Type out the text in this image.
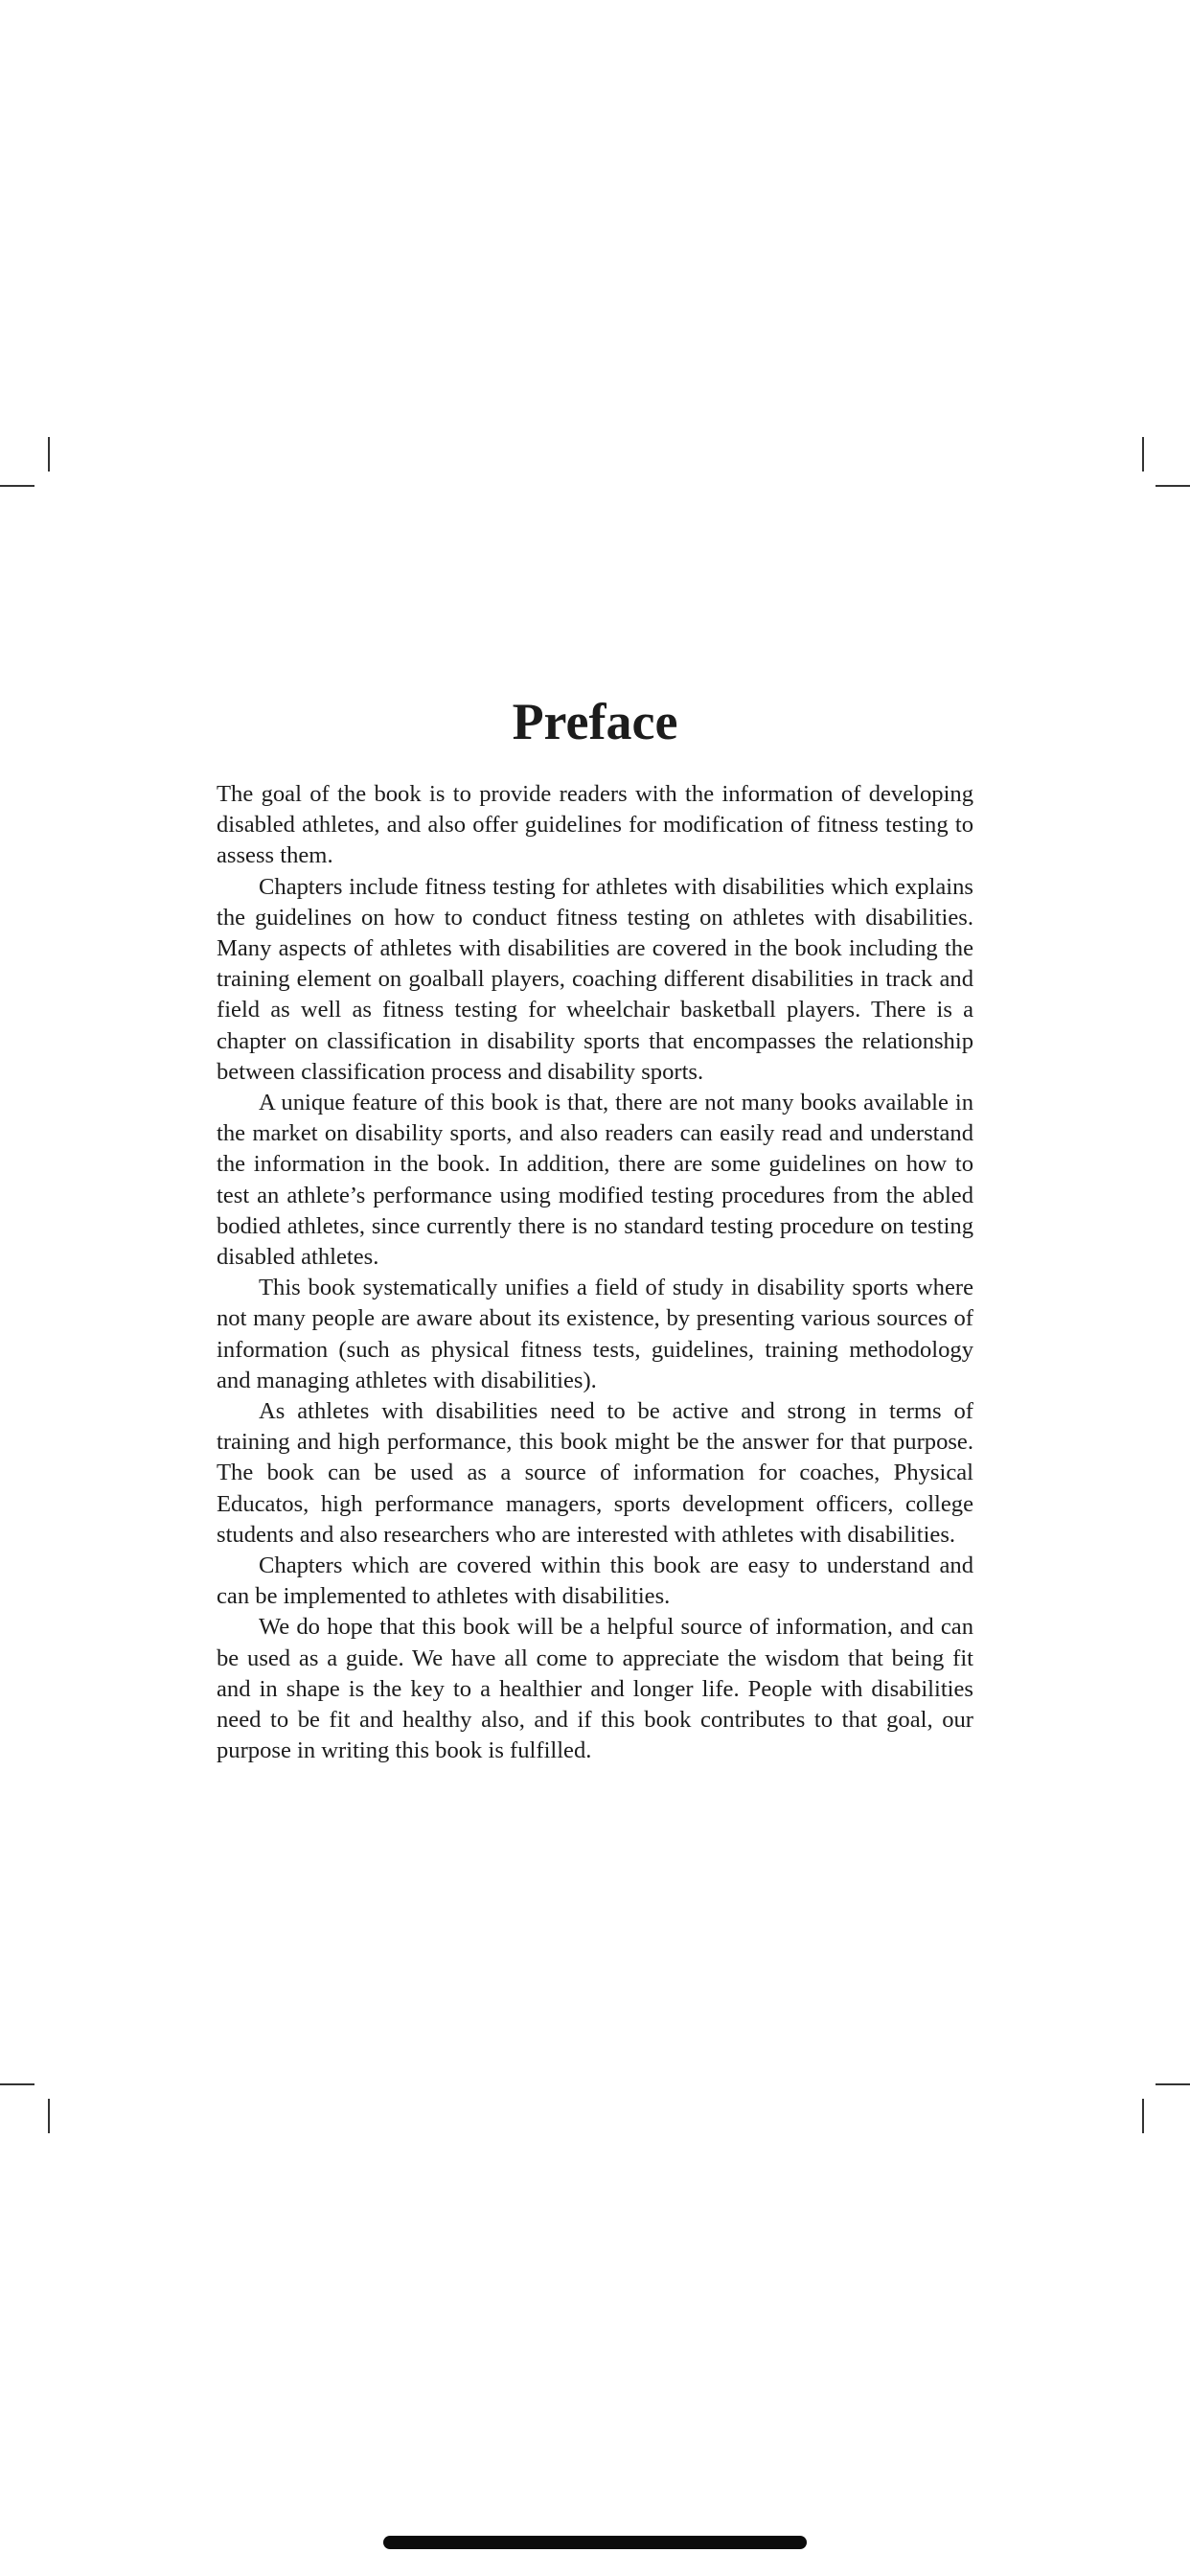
Preface

The goal of the book is to provide readers with the information of developing disabled athletes, and also offer guidelines for modification of fitness testing to assess them.

Chapters include fitness testing for athletes with disabilities which explains the guidelines on how to conduct fitness testing on athletes with disabilities. Many aspects of athletes with disabilities are covered in the book including the training element on goalball players, coaching different disabilities in track and field as well as fitness testing for wheelchair basketball players. There is a chapter on classification in disability sports that encompasses the relationship between classification process and disability sports.

A unique feature of this book is that, there are not many books available in the market on disability sports, and also readers can easily read and understand the information in the book. In addition, there are some guidelines on how to test an athlete’s performance using modified testing procedures from the abled bodied athletes, since currently there is no standard testing procedure on testing disabled athletes.

This book systematically unifies a field of study in disability sports where not many people are aware about its existence, by presenting various sources of information (such as physical fitness tests, guidelines, training methodology and managing athletes with disabilities).

As athletes with disabilities need to be active and strong in terms of training and high performance, this book might be the answer for that purpose. The book can be used as a source of information for coaches, Physical Educatos, high performance managers, sports development officers, college students and also researchers who are interested with athletes with disabilities.

Chapters which are covered within this book are easy to understand and can be implemented to athletes with disabilities.

We do hope that this book will be a helpful source of information, and can be used as a guide. We have all come to appreciate the wisdom that being fit and in shape is the key to a healthier and longer life. People with disabilities need to be fit and healthy also, and if this book contributes to that goal, our purpose in writing this book is fulfilled.
